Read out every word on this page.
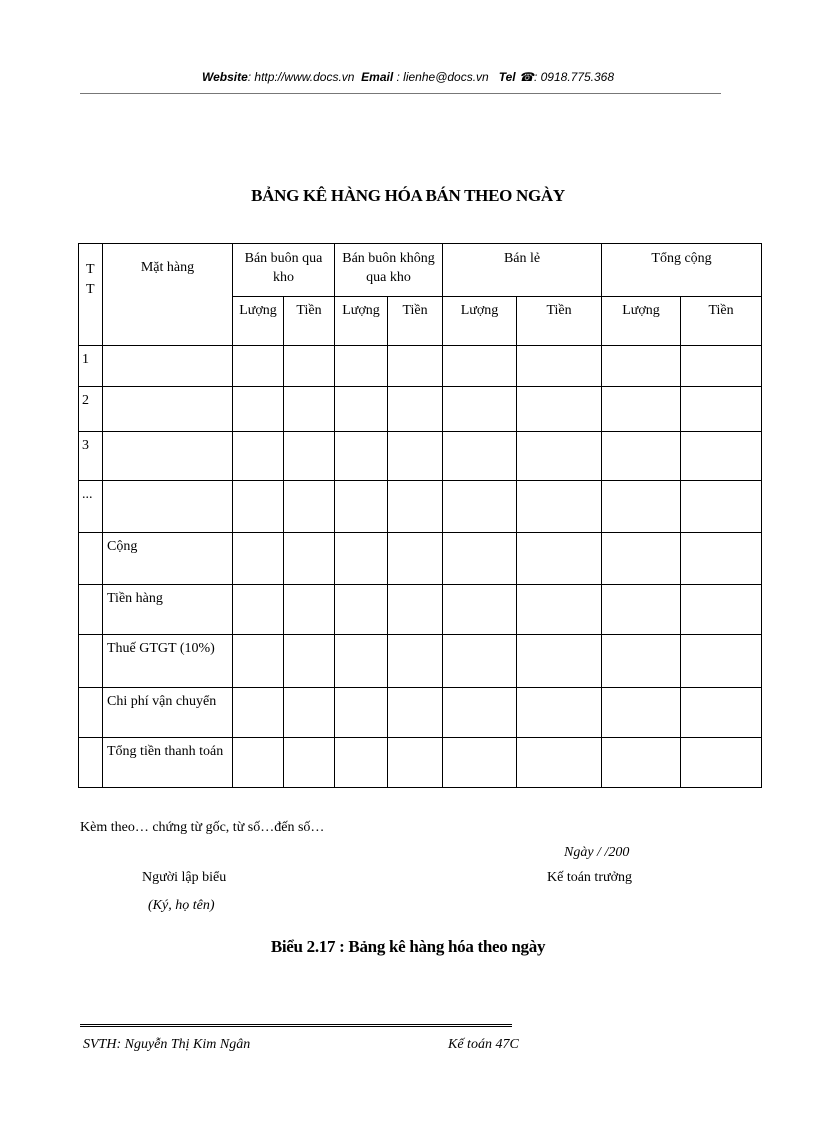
Website: http://www.docs.vn Email : lienhe@docs.vn Tel ☎: 0918.775.368
BẢNG KÊ HÀNG HÓA BÁN THEO NGÀY
T
T	Mặt hàng	Bán buôn qua kho		Bán buôn không qua kho		Bán lẻ		Tổng cộng	
		Lượng	Tiền	Lượng	Tiền	Lượng	Tiền	Lượng	Tiền
1									
2									
3									
...									
	Cộng								
	Tiền hàng								
	Thuế GTGT (10%)								
	Chi phí vận chuyển								
	Tổng tiền thanh toán								
Kèm theo… chứng từ gốc, từ số…đến số…
Ngày / /200
Người lập biểu
(Ký, họ tên)
Kế toán trưởng
Biểu 2.17 : Bảng kê hàng hóa theo ngày
SVTH: Nguyễn Thị Kim Ngân	Kế toán 47C
